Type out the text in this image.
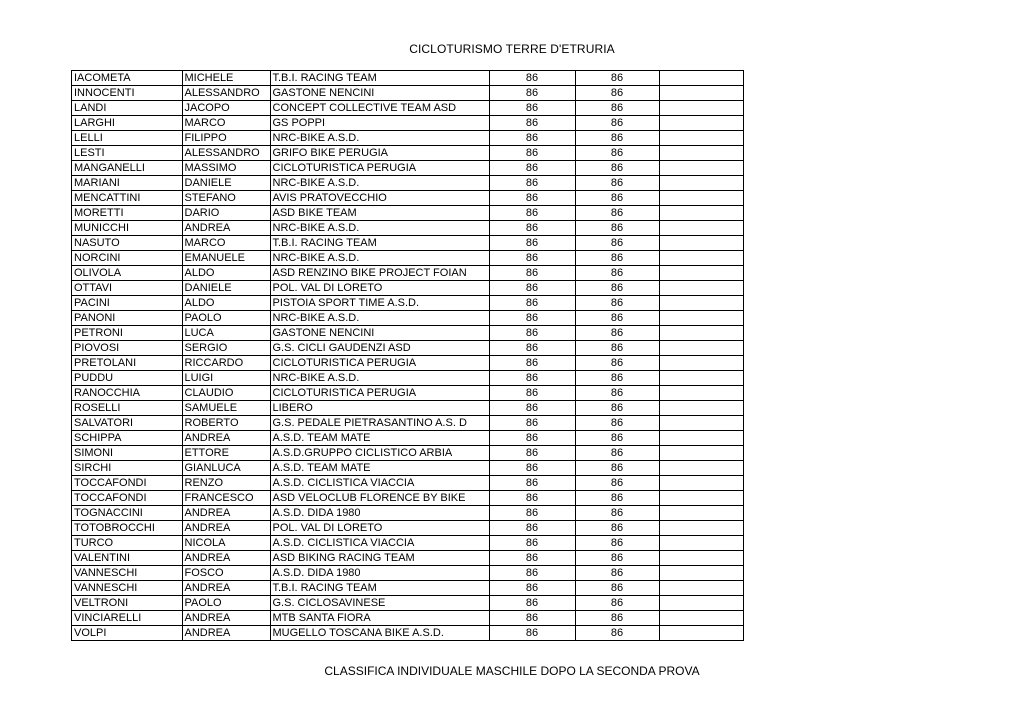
CICLOTURISMO TERRE D'ETRURIA
IACOMETA	MICHELE	T.B.I. RACING TEAM	86	86	
INNOCENTI	ALESSANDRO	GASTONE NENCINI	86	86	
LANDI	JACOPO	CONCEPT COLLECTIVE TEAM ASD	86	86	
LARGHI	MARCO	GS POPPI	86	86	
LELLI	FILIPPO	NRC-BIKE A.S.D.	86	86	
LESTI	ALESSANDRO	GRIFO BIKE PERUGIA	86	86	
MANGANELLI	MASSIMO	CICLOTURISTICA PERUGIA	86	86	
MARIANI	DANIELE	NRC-BIKE A.S.D.	86	86	
MENCATTINI	STEFANO	AVIS PRATOVECCHIO	86	86	
MORETTI	DARIO	ASD BIKE TEAM	86	86	
MUNICCHI	ANDREA	NRC-BIKE A.S.D.	86	86	
NASUTO	MARCO	T.B.I. RACING TEAM	86	86	
NORCINI	EMANUELE	NRC-BIKE A.S.D.	86	86	
OLIVOLA	ALDO	ASD RENZINO BIKE PROJECT FOIAN	86	86	
OTTAVI	DANIELE	POL. VAL DI LORETO	86	86	
PACINI	ALDO	PISTOIA SPORT TIME A.S.D.	86	86	
PANONI	PAOLO	NRC-BIKE A.S.D.	86	86	
PETRONI	LUCA	GASTONE NENCINI	86	86	
PIOVOSI	SERGIO	G.S. CICLI GAUDENZI ASD	86	86	
PRETOLANI	RICCARDO	CICLOTURISTICA PERUGIA	86	86	
PUDDU	LUIGI	NRC-BIKE A.S.D.	86	86	
RANOCCHIA	CLAUDIO	CICLOTURISTICA PERUGIA	86	86	
ROSELLI	SAMUELE	LIBERO	86	86	
SALVATORI	ROBERTO	G.S. PEDALE PIETRASANTINO A.S. D	86	86	
SCHIPPA	ANDREA	A.S.D. TEAM MATE	86	86	
SIMONI	ETTORE	A.S.D.GRUPPO CICLISTICO ARBIA	86	86	
SIRCHI	GIANLUCA	A.S.D. TEAM MATE	86	86	
TOCCAFONDI	RENZO	A.S.D. CICLISTICA VIACCIA	86	86	
TOCCAFONDI	FRANCESCO	ASD VELOCLUB FLORENCE BY BIKE	86	86	
TOGNACCINI	ANDREA	A.S.D. DIDA 1980	86	86	
TOTOBROCCHI	ANDREA	POL. VAL DI LORETO	86	86	
TURCO	NICOLA	A.S.D. CICLISTICA VIACCIA	86	86	
VALENTINI	ANDREA	ASD BIKING RACING TEAM	86	86	
VANNESCHI	FOSCO	A.S.D. DIDA 1980	86	86	
VANNESCHI	ANDREA	T.B.I. RACING TEAM	86	86	
VELTRONI	PAOLO	G.S. CICLOSAVINESE	86	86	
VINCIARELLI	ANDREA	MTB SANTA FIORA	86	86	
VOLPI	ANDREA	MUGELLO TOSCANA BIKE A.S.D.	86	86	
CLASSIFICA INDIVIDUALE MASCHILE DOPO LA SECONDA PROVA
